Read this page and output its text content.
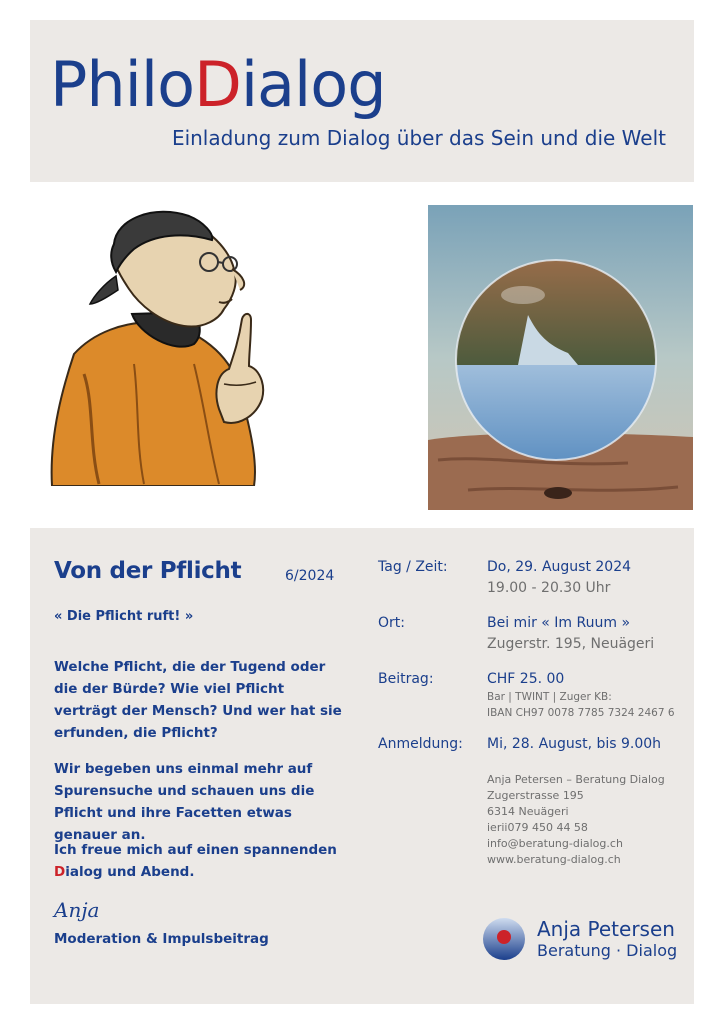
PhiloDialog
Einladung zum Dialog über das Sein und die Welt
Von der Pflicht	6/2024
« Die Pflicht ruft! »
Welche Pflicht, die der Tugend oder die der Bürde? Wie viel Pflicht verträgt der Mensch? Und wer hat sie erfunden, die Pflicht?
Wir begeben uns einmal mehr auf Spurensuche und schauen uns die Pflicht und ihre Facetten etwas genauer an.
Ich freue mich auf einen spannenden
Dialog und Abend.
Anja
Moderation & Impulsbeitrag
Tag / Zeit:	Do, 29. August 2024
19.00 - 20.30 Uhr
Ort:	Bei mir « Im Ruum »
Zugerstr. 195, Neuägeri
Beitrag:	CHF 25. 00
Bar | TWINT | Zuger KB:
IBAN CH97 0078 7785 7324 2467 6
Anmeldung: Mi, 28. August, bis 9.00h
Anja Petersen – Beratung Dialog
Zugerstrasse 195
6314 Neuägeri
ierii079 450 44 58
info@beratung-dialog.ch
www.beratung-dialog.ch
Anja Petersen
Beratung · Dialog
